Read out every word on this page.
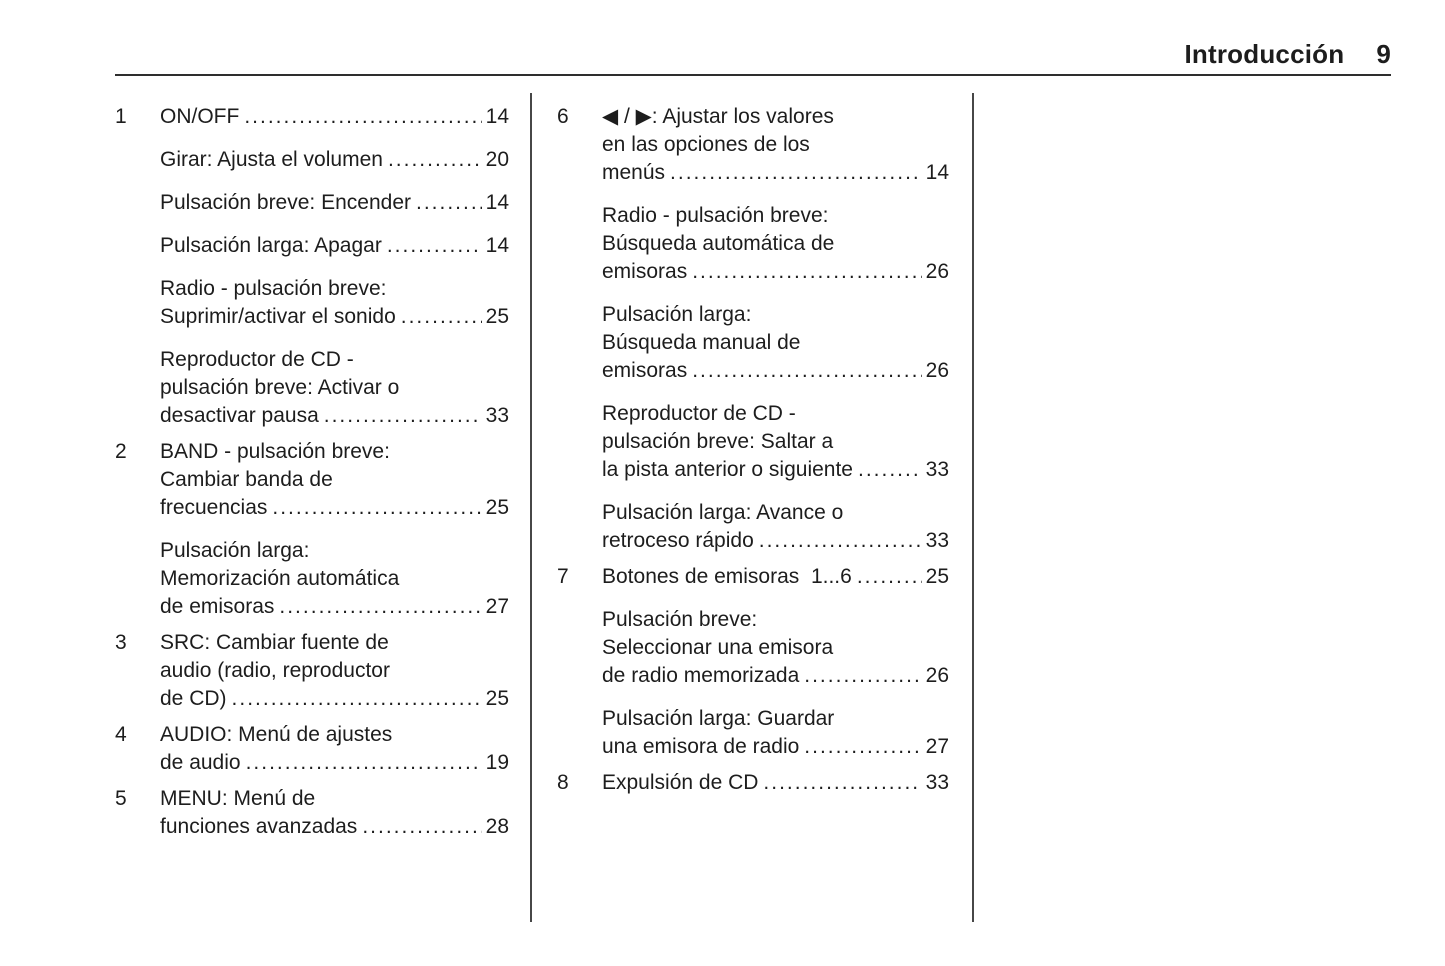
Introducción 9
1	ON/OFF .....	14
Girar: Ajusta el volumen .....	20
Pulsación breve: Encender .....	14
Pulsación larga: Apagar .....	14
Radio - pulsación breve:
Suprimir/activar el sonido .....	25
Reproductor de CD -
pulsación breve: Activar o
desactivar pausa .....	33
2	BAND - pulsación breve:
Cambiar banda de
frecuencias .....	25
Pulsación larga:
Memorización automática
de emisoras .....	27
3	SRC: Cambiar fuente de
audio (radio, reproductor
de CD) .....	25
4	AUDIO: Menú de ajustes
de audio .....	19
5	MENU: Menú de
funciones avanzadas .....	28
6	◀ / ▶: Ajustar los valores
en las opciones de los
menús .....	14
Radio - pulsación breve:
Búsqueda automática de
emisoras .....	26
Pulsación larga:
Búsqueda manual de
emisoras .....	26
Reproductor de CD -
pulsación breve: Saltar a
la pista anterior o siguiente .....	33
Pulsación larga: Avance o
retroceso rápido .....	33
7	Botones de emisoras  1...6 .....	25
Pulsación breve:
Seleccionar una emisora
de radio memorizada .....	26
Pulsación larga: Guardar
una emisora de radio .....	27
8	Expulsión de CD .....	33
